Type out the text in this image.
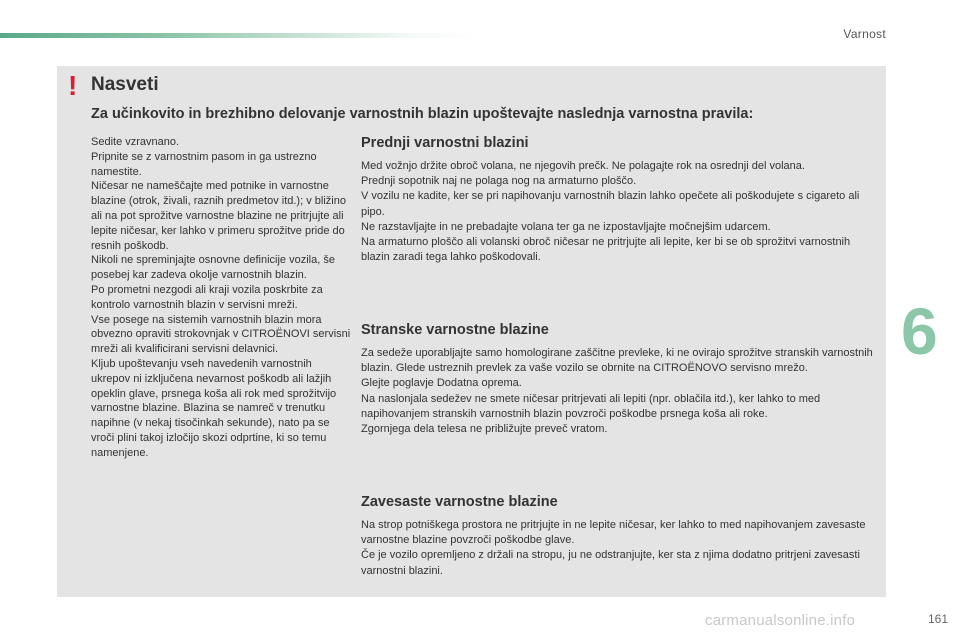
Varnost
6
! Nasveti
Za učinkovito in brezhibno delovanje varnostnih blazin upoštevajte naslednja varnostna pravila:

Sedite vzravnano.

Pripnite se z varnostnim pasom in ga ustrezno namestite.

Ničesar ne nameščajte med potnike in varnostne blazine (otrok, živali, raznih predmetov itd.); v bližino ali na pot sprožitve varnostne blazine ne pritrjujte ali lepite ničesar, ker lahko v primeru sprožitve pride do resnih poškodb.

Nikoli ne spreminjajte osnovne definicije vozila, še posebej kar zadeva okolje varnostnih blazin.

Po prometni nezgodi ali kraji vozila poskrbite za kontrolo varnostnih blazin v servisni mreži.

Vse posege na sistemih varnostnih blazin mora obvezno opraviti strokovnjak v CITROËNOVI servisni mreži ali kvalificirani servisni delavnici.

Kljub upoštevanju vseh navedenih varnostnih ukrepov ni izključena nevarnost poškodb ali lažjih opeklin glave, prsnega koša ali rok med sprožitvijo varnostne blazine. Blazina se namreč v trenutku napihne (v nekaj tisočinkah sekunde), nato pa se vroči plini takoj izločijo skozi odprtine, ki so temu namenjene.

Prednji varnostni blazini

Med vožnjo držite obroč volana, ne njegovih prečk. Ne polagajte rok na osrednji del volana.

Prednji sopotnik naj ne polaga nog na armaturno ploščo.

V vozilu ne kadite, ker se pri napihovanju varnostnih blazin lahko opečete ali poškodujete s cigareto ali pipo.

Ne razstavljajte in ne prebadajte volana ter ga ne izpostavljajte močnejšim udarcem.

Na armaturno ploščo ali volanski obroč ničesar ne pritrjujte ali lepite, ker bi se ob sprožitvi varnostnih blazin zaradi tega lahko poškodovali.

Stranske varnostne blazine

Za sedeže uporabljajte samo homologirane zaščitne prevleke, ki ne ovirajo sprožitve stranskih varnostnih blazin. Glede ustreznih prevlek za vaše vozilo se obrnite na CITROËNOVO servisno mrežo.

Glejte poglavje Dodatna oprema.

Na naslonjala sedežev ne smete ničesar pritrjevati ali lepiti (npr. oblačila itd.), ker lahko to med napihovanjem stranskih varnostnih blazin povzroči poškodbe prsnega koša ali roke.

Zgornjega dela telesa ne približujte preveč vratom.

Zavesaste varnostne blazine

Na strop potniškega prostora ne pritrjujte in ne lepite ničesar, ker lahko to med napihovanjem zavesaste varnostne blazine povzroči poškodbe glave.

Če je vozilo opremljeno z držali na stropu, ju ne odstranjujte, ker sta z njima dodatno pritrjeni zavesasti varnostni blazini.

carmanualsonline.info	161
